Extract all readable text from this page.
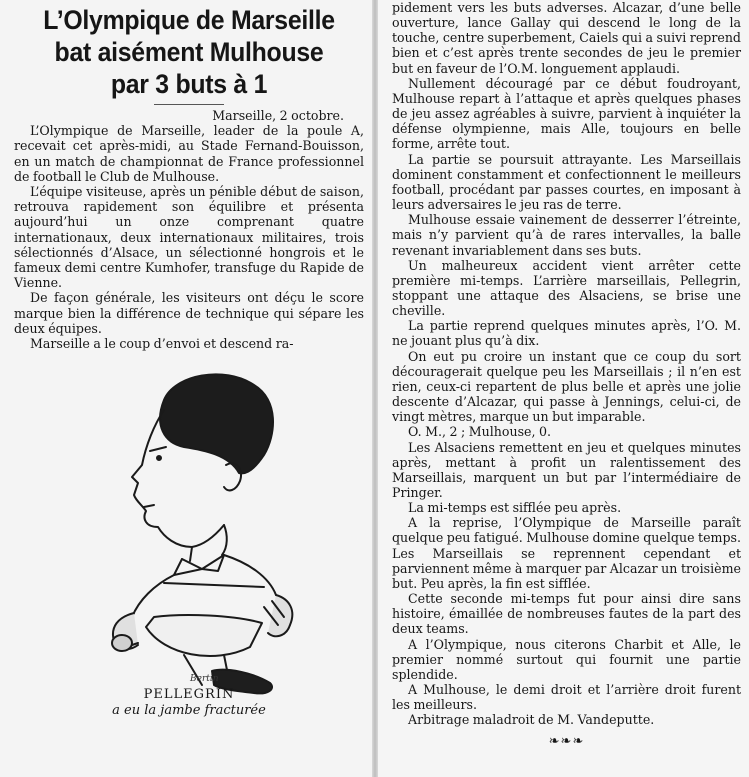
L’Olympique de Marseille
bat aisément Mulhouse
par 3 buts à 1

Marseille, 2 octobre.

L’Olympique de Marseille, leader de la poule A, recevait cet après-midi, au Stade Fernand-Bouisson, en un match de championnat de France professionnel de football le Club de Mulhouse.

L’équipe visiteuse, après un pénible début de saison, retrouva rapidement son équilibre et présenta aujourd’hui un onze comprenant quatre internationaux, deux internationaux militaires, trois sélectionnés d’Alsace, un sélectionné hongrois et le fameux demi centre Kumhofer, transfuge du Rapide de Vienne.

De façon générale, les visiteurs ont déçu le score marque bien la différence de technique qui sépare les deux équipes.

Marseille a le coup d’envoi et descend ra-

Bertin
PELLEGRIN
a eu la jambe fracturée

pidement vers les buts adverses. Alcazar, d’une belle ouverture, lance Gallay qui descend le long de la touche, centre superbement, Caiels qui a suivi reprend bien et c’est après trente secondes de jeu le premier but en faveur de l’O.M. longuement applaudi.

Nullement découragé par ce début foudroyant, Mulhouse repart à l’attaque et après quelques phases de jeu assez agréables à suivre, parvient à inquiéter la défense olympienne, mais Alle, toujours en belle forme, arrête tout.

La partie se poursuit attrayante. Les Marseillais dominent constamment et confectionnent le meilleurs football, procédant par passes courtes, en imposant à leurs adversaires le jeu ras de terre.

Mulhouse essaie vainement de desserrer l’étreinte, mais n’y parvient qu’à de rares intervalles, la balle revenant invariablement dans ses buts.

Un malheureux accident vient arrêter cette première mi-temps. L’arrière marseillais, Pellegrin, stoppant une attaque des Alsaciens, se brise une cheville.

La partie reprend quelques minutes après, l’O. M. ne jouant plus qu’à dix.

On eut pu croire un instant que ce coup du sort découragerait quelque peu les Marseillais ; il n’en est rien, ceux-ci repartent de plus belle et après une jolie descente d’Alcazar, qui passe à Jennings, celui-ci, de vingt mètres, marque un but imparable.

O. M., 2 ; Mulhouse, 0.

Les Alsaciens remettent en jeu et quelques minutes après, mettant à profit un ralentissement des Marseillais, marquent un but par l’intermédiaire de Pringer.

La mi-temps est sifflée peu après.

A la reprise, l’Olympique de Marseille paraît quelque peu fatigué. Mulhouse domine quelque temps. Les Marseillais se reprennent cependant et parviennent même à marquer par Alcazar un troisième but. Peu après, la fin est sifflée.

Cette seconde mi-temps fut pour ainsi dire sans histoire, émaillée de nombreuses fautes de la part des deux teams.

A l’Olympique, nous citerons Charbit et Alle, le premier nommé surtout qui fournit une partie splendide.

A Mulhouse, le demi droit et l’arrière droit furent les meilleurs.

Arbitrage maladroit de M. Vandeputte.

❧❧❧
